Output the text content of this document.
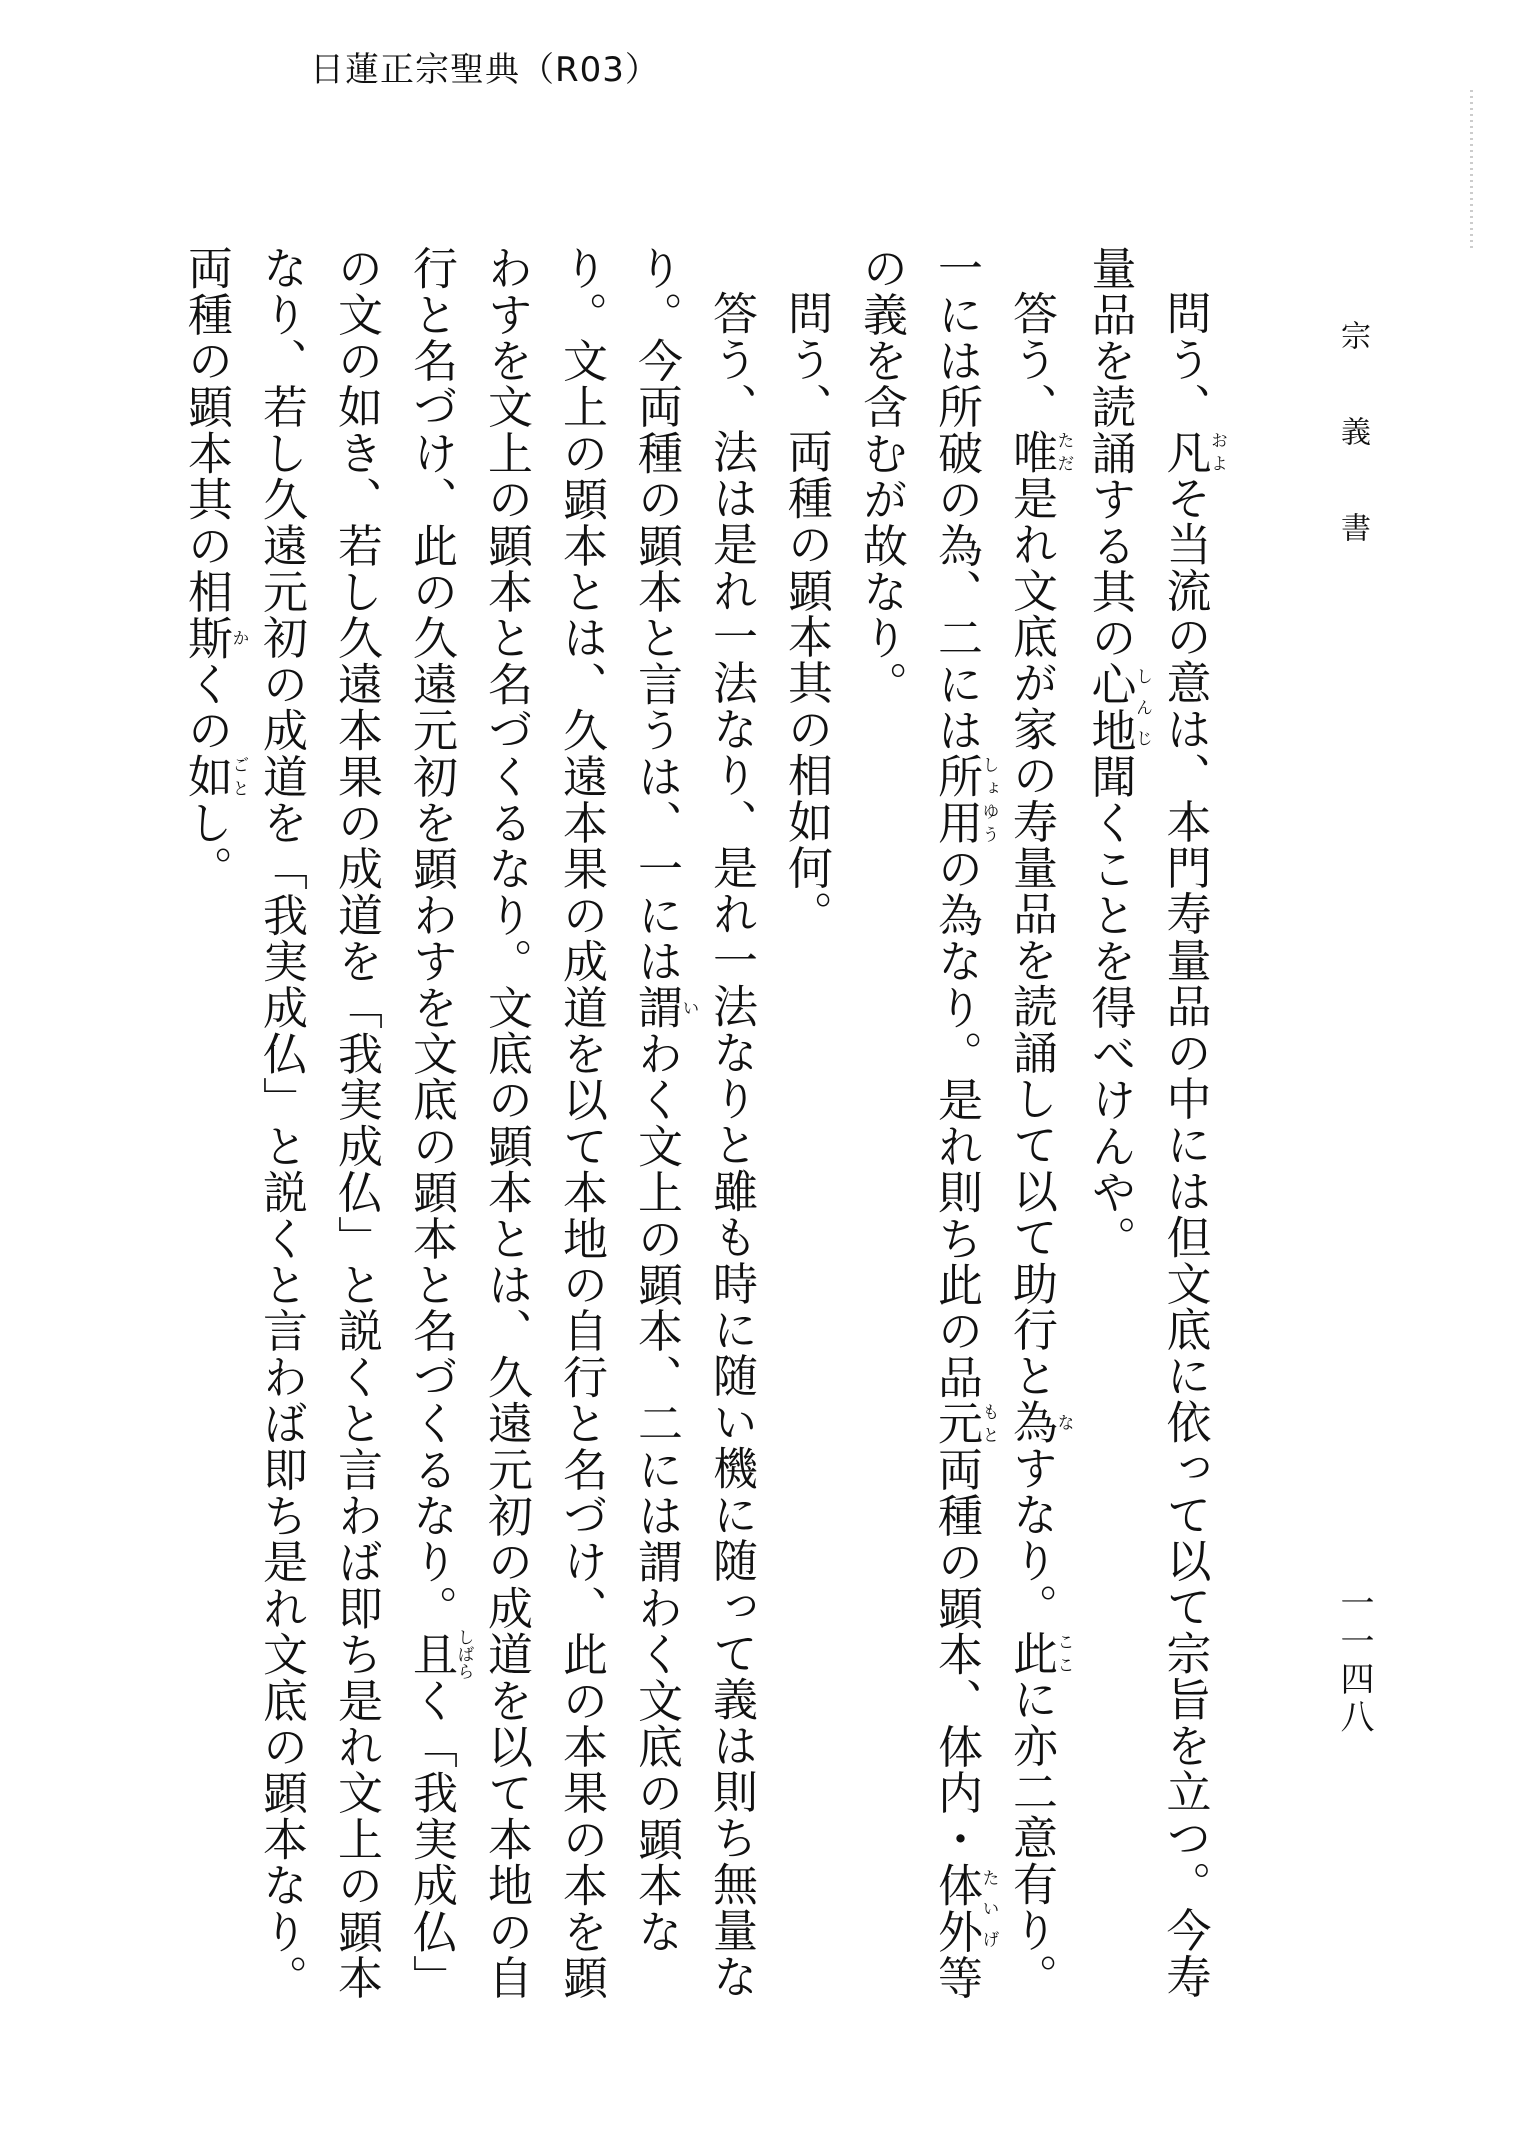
日蓮正宗聖典（R03）
宗　義　書
一一四八

問う、凡およそ当流の意は、本門寿量品の中には但文底に依って以て宗旨を立つ。今寿量品を読誦する其の心地しんじ聞くことを得べけんや。

答う、唯ただ是れ文底が家の寿量品を読誦して以て助行と為なすなり。此ここに亦二意有り。一には所破の為、二には所用しょゆうの為なり。是れ則ち此の品元もと両種の顕本、体内・体外たいげ等の義を含むが故なり。

問う、両種の顕本其の相如何。

答う、法は是れ一法なり、是れ一法なりと雖も時に随い機に随って義は則ち無量なり。今両種の顕本と言うは、一には謂いわく文上の顕本、二には謂わく文底の顕本なり。文上の顕本とは、久遠本果の成道を以て本地の自行と名づけ、此の本果の本を顕わすを文上の顕本と名づくるなり。文底の顕本とは、久遠元初の成道を以て本地の自行と名づけ、此の久遠元初を顕わすを文底の顕本と名づくるなり。且しばらく「我実成仏」の文の如き、若し久遠本果の成道を「我実成仏」と説くと言わば即ち是れ文上の顕本なり、若し久遠元初の成道を「我実成仏」と説くと言わば即ち是れ文底の顕本なり。両種の顕本其の相斯かくの如ごとし。
